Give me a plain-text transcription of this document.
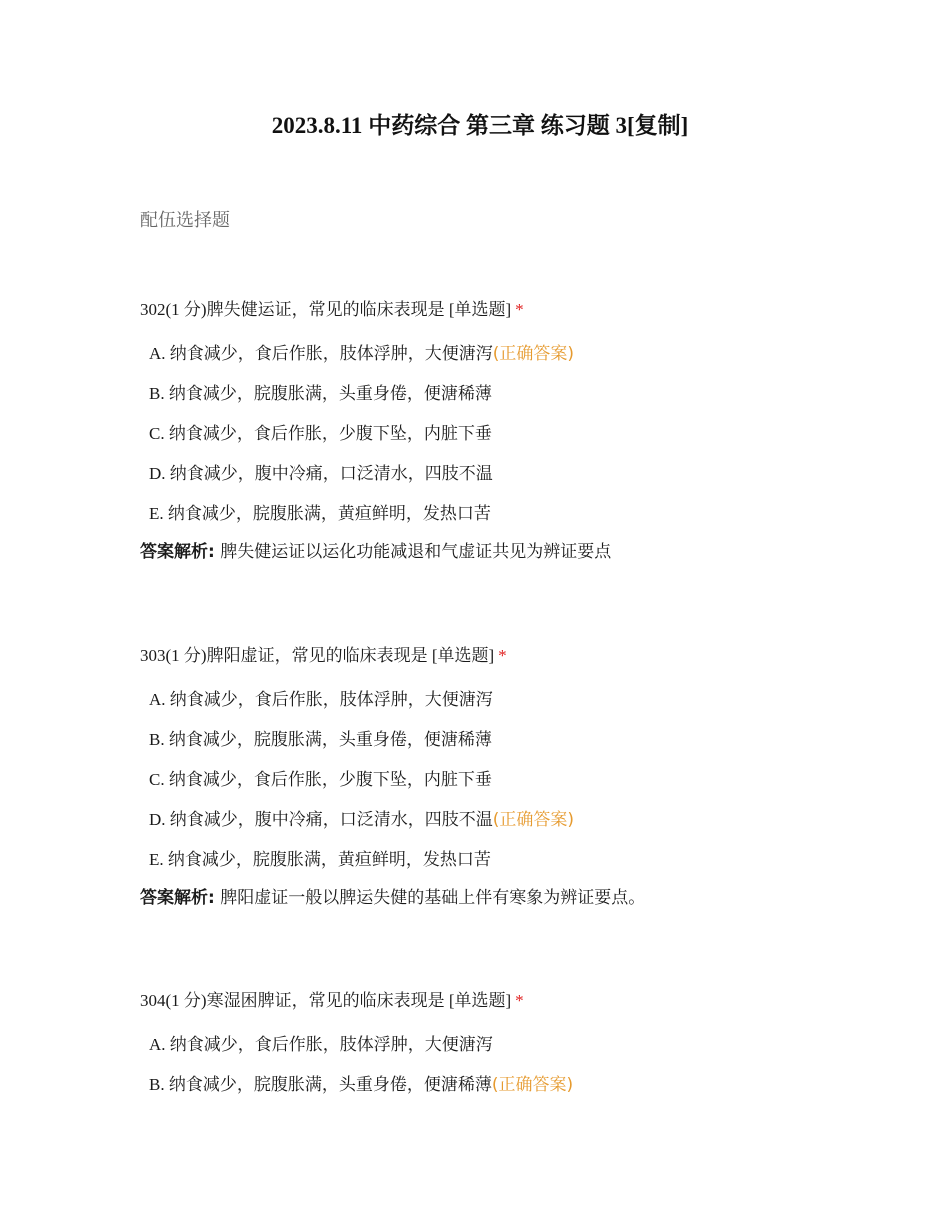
2023.8.11 中药综合 第三章 练习题 3[复制]
配伍选择题
302(1 分)脾失健运证，常见的临床表现是 [单选题] *
A. 纳食减少，食后作胀，肢体浮肿，大便溏泻(正确答案)
B. 纳食减少，脘腹胀满，头重身倦，便溏稀薄
C. 纳食减少，食后作胀，少腹下坠，内脏下垂
D. 纳食减少，腹中冷痛，口泛清水，四肢不温
E. 纳食减少，脘腹胀满，黄疸鲜明，发热口苦
答案解析: 脾失健运证以运化功能减退和气虚证共见为辨证要点
303(1 分)脾阳虚证，常见的临床表现是 [单选题] *
A. 纳食减少，食后作胀，肢体浮肿，大便溏泻
B. 纳食减少，脘腹胀满，头重身倦，便溏稀薄
C. 纳食减少，食后作胀，少腹下坠，内脏下垂
D. 纳食减少，腹中冷痛，口泛清水，四肢不温(正确答案)
E. 纳食减少，脘腹胀满，黄疸鲜明，发热口苦
答案解析: 脾阳虚证一般以脾运失健的基础上伴有寒象为辨证要点。
304(1 分)寒湿困脾证，常见的临床表现是 [单选题] *
A. 纳食减少，食后作胀，肢体浮肿，大便溏泻
B. 纳食减少，脘腹胀满，头重身倦，便溏稀薄(正确答案)
